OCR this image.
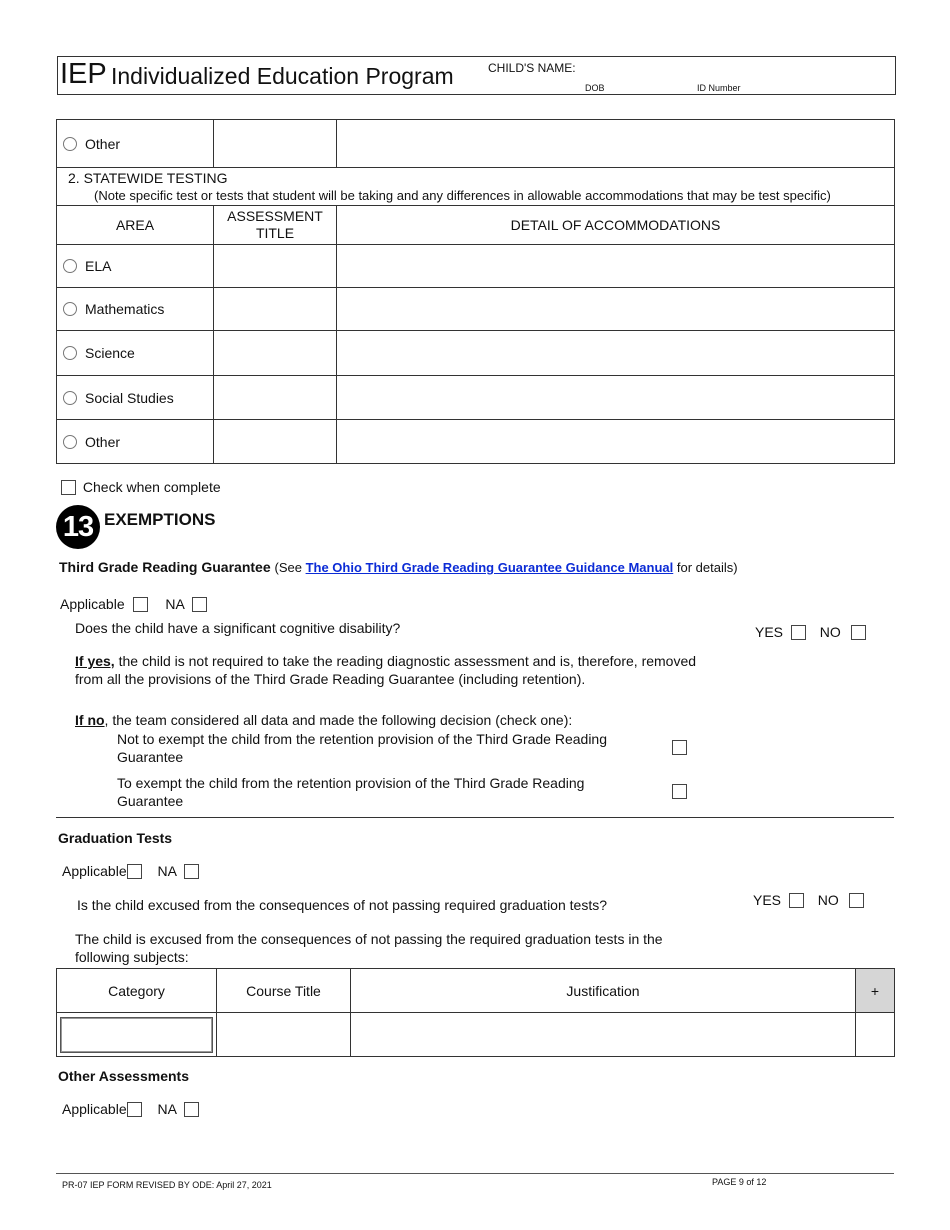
IEP Individualized Education Program	CHILD'S NAME:
DOB	ID Number
Other		

2. STATEWIDE TESTING
(Note specific test or tests that student will be taking and any differences in allowable accommodations that may be test specific)		

AREA	ASSESSMENT TITLE	DETAIL OF ACCOMMODATIONS
ELA		
Mathematics		
Science		
Social Studies		
Other		
Check when complete
13 EXEMPTIONS
Third Grade Reading Guarantee (See The Ohio Third Grade Reading Guarantee Guidance Manual for details)
Applicable	NA
Does the child have a significant cognitive disability?	YES	NO
If yes, the child is not required to take the reading diagnostic assessment and is, therefore, removed
from all the provisions of the Third Grade Reading Guarantee (including retention).
If no, the team considered all data and made the following decision (check one):
Not to exempt the child from the retention provision of the Third Grade Reading
Guarantee
To exempt the child from the retention provision of the Third Grade Reading
Guarantee
Graduation Tests
Applicable NA
Is the child excused from the consequences of not passing required graduation tests?	YES	NO
The child is excused from the consequences of not passing the required graduation tests in the
following subjects:
Category	Course Title	Justification	+

Other Assessments
Applicable NA
PR-07 IEP FORM REVISED BY ODE: April 27, 2021	PAGE 9 of 12
